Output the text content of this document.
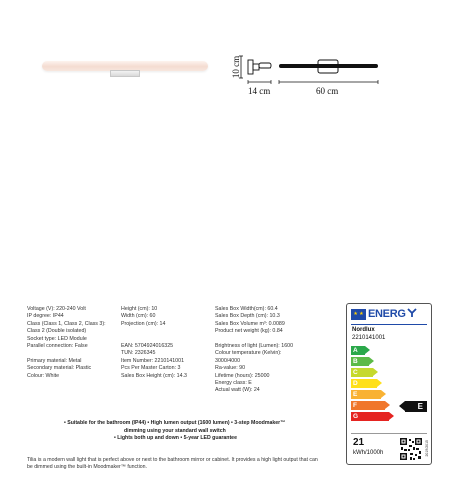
10 cm
14 cm	60 cm
Voltage (V): 220-240 Volt
IP degree: IP44
Class (Class 1, Class 2, Class 3):
Class 2 (Double isolated)
Socket type: LED Module
Parallel connection: False
Primary material: Metal
Secondary material: Plastic
Colour: White
Height (cm): 10
Width (cm): 60
Projection (cm): 14
EAN: 5704924016325
TUN: 2326345
Item Number: 2210141001
Pcs Per Master Carton: 3
Sales Box Height (cm): 14.3
Sales Box Width(cm): 60.4
Sales Box Depth (cm): 10.3
Sales Box Volume m³: 0.0089
Product net weight (kg): 0.84
Brightness of light (Lumen): 1600
Colour temperature (Kelvin):
3000/4000
Ra-value: 90
Lifetime (hours): 25000
Energy class: E
Actual watt (W): 24
• Suitable for the bathroom (IP44) • High lumen output (1600 lumen) • 3-step Moodmaker™
dimming using your standard wall switch
• Lights both up and down • 5-year LED guarantee
Tilia is a modern wall light that is perfect above or next to the bathroom mirror or cabinet. It provides a high light output that can
be dimmed using the built-in Moodmaker™ function.
★ ★ ENERG
Nordlux
2210141001
A
B
C
D
E
F
G
E
21
kWh/1000h	2019/2015
